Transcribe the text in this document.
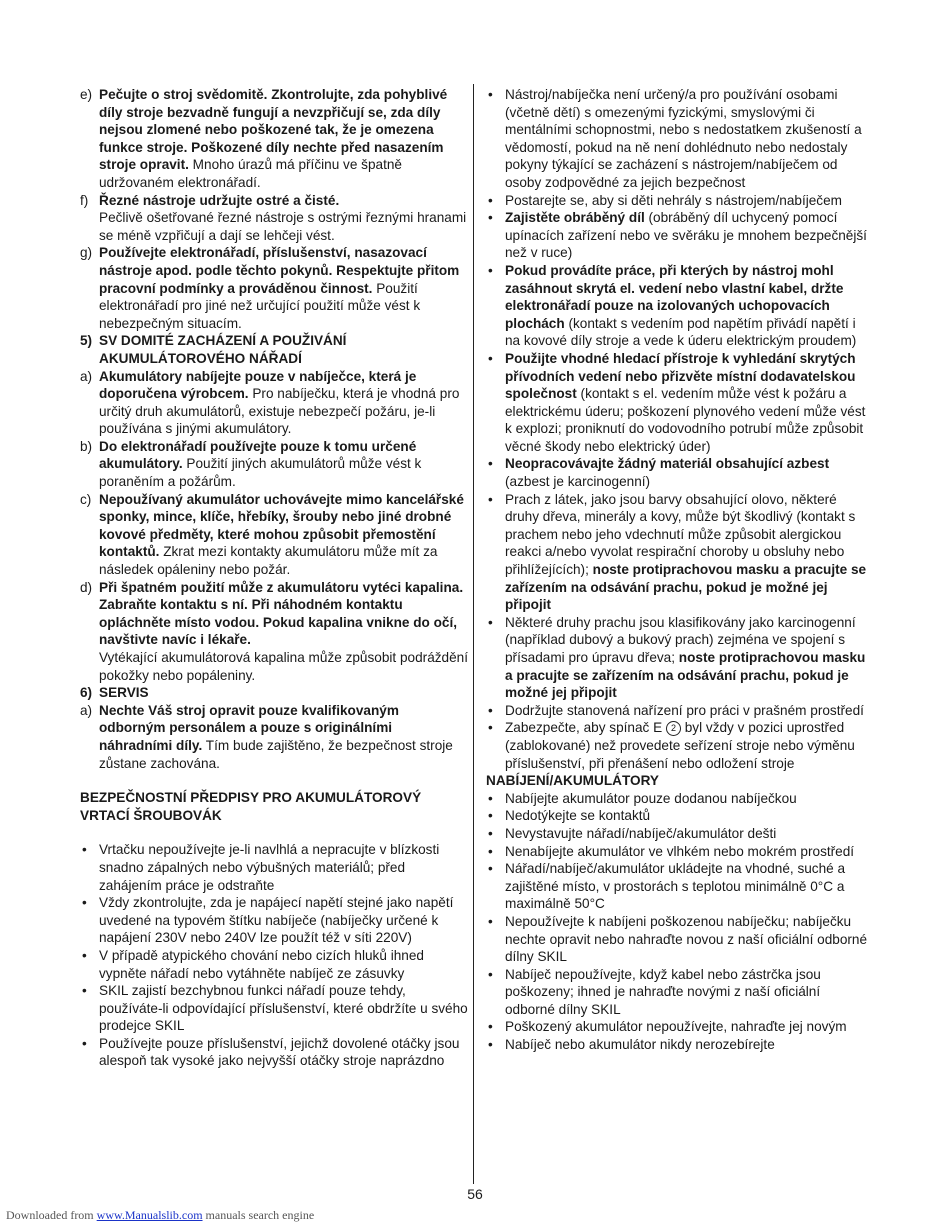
e) Pečujte o stroj svědomitě. Zkontrolujte, zda pohyblivé díly stroje bezvadně fungují a nevzpřičují se, zda díly nejsou zlomené nebo poškozené tak, že je omezena funkce stroje. Poškozené díly nechte před nasazením stroje opravit. Mnoho úrazů má příčinu ve špatně udržovaném elektronářadí.
f) Řezné nástroje udržujte ostré a čisté.
Pečlivě ošetřované řezné nástroje s ostrými řeznými hranami se méně vzpřičují a dají se lehčeji vést.
g) Používejte elektronářadí, příslušenství, nasazovací nástroje apod. podle těchto pokynů. Respektujte přitom pracovní podmínky a prováděnou činnost. Použití elektronářadí pro jiné než určující použití může vést k nebezpečným situacím.
5) SV DOMITÉ ZACHÁZENÍ A POUŽIVÁNÍ AKUMULÁTOROVÉHO NÁŘADÍ
a) Akumulátory nabíjejte pouze v nabíječce, která je doporučena výrobcem. Pro nabíječku, která je vhodná pro určitý druh akumulátorů, existuje nebezpečí požáru, je-li používána s jinými akumulátory.
b) Do elektronářadí používejte pouze k tomu určené akumulátory. Použití jiných akumulátorů může vést k poraněním a požárům.
c) Nepoužívaný akumulátor uchovávejte mimo kancelářské sponky, mince, klíče, hřebíky, šrouby nebo jiné drobné kovové předměty, které mohou způsobit přemostění kontaktů. Zkrat mezi kontakty akumulátoru může mít za následek opáleniny nebo požár.
d) Při špatném použití může z akumulátoru vytéci kapalina. Zabraňte kontaktu s ní. Při náhodném kontaktu opláchněte místo vodou. Pokud kapalina vnikne do očí, navštivte navíc i lékaře.
Vytékající akumulátorová kapalina může způsobit podráždění pokožky nebo popáleniny.
6) SERVIS
a) Nechte Váš stroj opravit pouze kvalifikovaným odborným personálem a pouze s originálními náhradními díly. Tím bude zajištěno, že bezpečnost stroje zůstane zachována.
BEZPEČNOSTNÍ PŘEDPISY PRO AKUMULÁTOROVÝ VRTACÍ ŠROUBOVÁK
• Vrtačku nepoužívejte je-li navlhlá a nepracujte v blízkosti snadno zápalných nebo výbušných materiálů; před zahájením práce je odstraňte
• Vždy zkontrolujte, zda je napájecí napětí stejné jako napětí uvedené na typovém štítku nabíječe (nabíječky určené k napájení 230V nebo 240V lze použít též v síti 220V)
• V případě atypického chování nebo cizích hluků ihned vypněte nářadí nebo vytáhněte nabíječ ze zásuvky
• SKIL zajistí bezchybnou funkci nářadí pouze tehdy, používáte-li odpovídající příslušenství, které obdržíte u svého prodejce SKIL
• Používejte pouze příslušenství, jejichž dovolené otáčky jsou alespoň tak vysoké jako nejvyšší otáčky stroje naprázdno
• Nástroj/nabíječka není určený/a pro používání osobami (včetně dětí) s omezenými fyzickými, smyslovými či mentálními schopnostmi, nebo s nedostatkem zkušeností a vědomostí, pokud na ně není dohlédnuto nebo nedostaly pokyny týkající se zacházení s nástrojem/nabíječem od osoby zodpovědné za jejich bezpečnost
• Postarejte se, aby si děti nehrály s nástrojem/nabíječem
• Zajistěte obráběný díl (obráběný díl uchycený pomocí upínacích zařízení nebo ve svěráku je mnohem bezpečnější než v ruce)
• Pokud provádíte práce, při kterých by nástroj mohl zasáhnout skrytá el. vedení nebo vlastní kabel, držte elektronářadí pouze na izolovaných uchopovacích plochách (kontakt s vedením pod napětím přivádí napětí i na kovové díly stroje a vede k úderu elektrickým proudem)
• Použijte vhodné hledací přístroje k vyhledání skrytých přívodních vedení nebo přizvěte místní dodavatelskou společnost (kontakt s el. vedením může vést k požáru a elektrickému úderu; poškození plynového vedení může vést k explozi; proniknutí do vodovodního potrubí může způsobit věcné škody nebo elektrický úder)
• Neopracovávajte žádný materiál obsahující azbest (azbest je karcinogenní)
• Prach z látek, jako jsou barvy obsahující olovo, některé druhy dřeva, minerály a kovy, může být škodlivý (kontakt s prachem nebo jeho vdechnutí může způsobit alergickou reakci a/nebo vyvolat respirační choroby u obsluhy nebo přihlížejících); noste protiprachovou masku a pracujte se zařízením na odsávání prachu, pokud je možné jej připojit
• Některé druhy prachu jsou klasifikovány jako karcinogenní (například dubový a bukový prach) zejména ve spojení s přísadami pro úpravu dřeva; noste protiprachovou masku a pracujte se zařízením na odsávání prachu, pokud je možné jej připojit
• Dodržujte stanovená nařízení pro práci v prašném prostředí
• Zabezpečte, aby spínač E 2 byl vždy v pozici uprostřed (zablokované) než provedete seřízení stroje nebo výměnu příslušenství, při přenášení nebo odložení stroje
NABÍJENÍ/AKUMULÁTORY
• Nabíjejte akumulátor pouze dodanou nabíječkou
• Nedotýkejte se kontaktů
• Nevystavujte nářadí/nabíječ/akumulátor dešti
• Nenabíjejte akumulátor ve vlhkém nebo mokrém prostředí
• Nářadí/nabíječ/akumulátor ukládejte na vhodné, suché a zajištěné místo, v prostorách s teplotou minimálně 0°C a maximálně 50°C
• Nepoužívejte k nabíjeni poškozenou nabíječku; nabíječku nechte opravit nebo nahraďte novou z naší oficiální odborné dílny SKIL
• Nabíječ nepoužívejte, když kabel nebo zástrčka jsou poškozeny; ihned je nahraďte novými z naší oficiální odborné dílny SKIL
• Poškozený akumulátor nepoužívejte, nahraďte jej novým
• Nabíječ nebo akumulátor nikdy nerozebírejte
56
Downloaded from www.Manualslib.com manuals search engine
